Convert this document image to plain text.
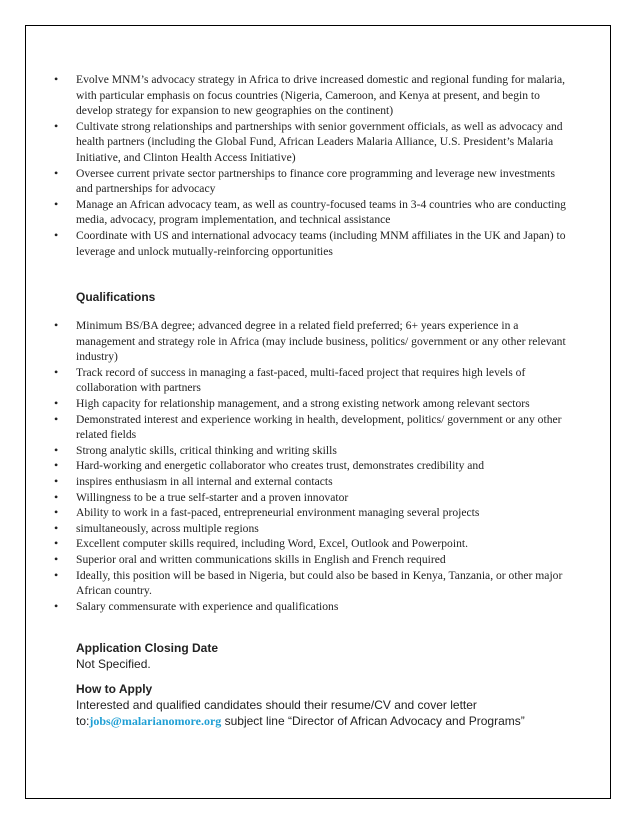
• Evolve MNM’s advocacy strategy in Africa to drive increased domestic and regional funding for malaria, with particular emphasis on focus countries (Nigeria, Cameroon, and Kenya at present, and begin to develop strategy for expansion to new geographies on the continent)
• Cultivate strong relationships and partnerships with senior government officials, as well as advocacy and health partners (including the Global Fund, African Leaders Malaria Alliance, U.S. President’s Malaria Initiative, and Clinton Health Access Initiative)
• Oversee current private sector partnerships to finance core programming and leverage new investments and partnerships for advocacy
• Manage an African advocacy team, as well as country-focused teams in 3-4 countries who are conducting media, advocacy, program implementation, and technical assistance
• Coordinate with US and international advocacy teams (including MNM affiliates in the UK and Japan) to leverage and unlock mutually-reinforcing opportunities
Qualifications
• Minimum BS/BA degree; advanced degree in a related field preferred; 6+ years experience in a management and strategy role in Africa (may include business, politics/ government or any other relevant industry)
• Track record of success in managing a fast-paced, multi-faced project that requires high levels of collaboration with partners
• High capacity for relationship management, and a strong existing network among relevant sectors
• Demonstrated interest and experience working in health, development, politics/ government or any other related fields
• Strong analytic skills, critical thinking and writing skills
• Hard-working and energetic collaborator who creates trust, demonstrates credibility and
• inspires enthusiasm in all internal and external contacts
• Willingness to be a true self-starter and a proven innovator
• Ability to work in a fast-paced, entrepreneurial environment managing several projects
• simultaneously, across multiple regions
• Excellent computer skills required, including Word, Excel, Outlook and Powerpoint.
• Superior oral and written communications skills in English and French required
• Ideally, this position will be based in Nigeria, but could also be based in Kenya, Tanzania, or other major African country.
• Salary commensurate with experience and qualifications
Application Closing Date
Not Specified.
How to Apply
Interested and qualified candidates should their resume/CV and cover letter
to:jobs@malarianomore.org subject line “Director of African Advocacy and Programs”
